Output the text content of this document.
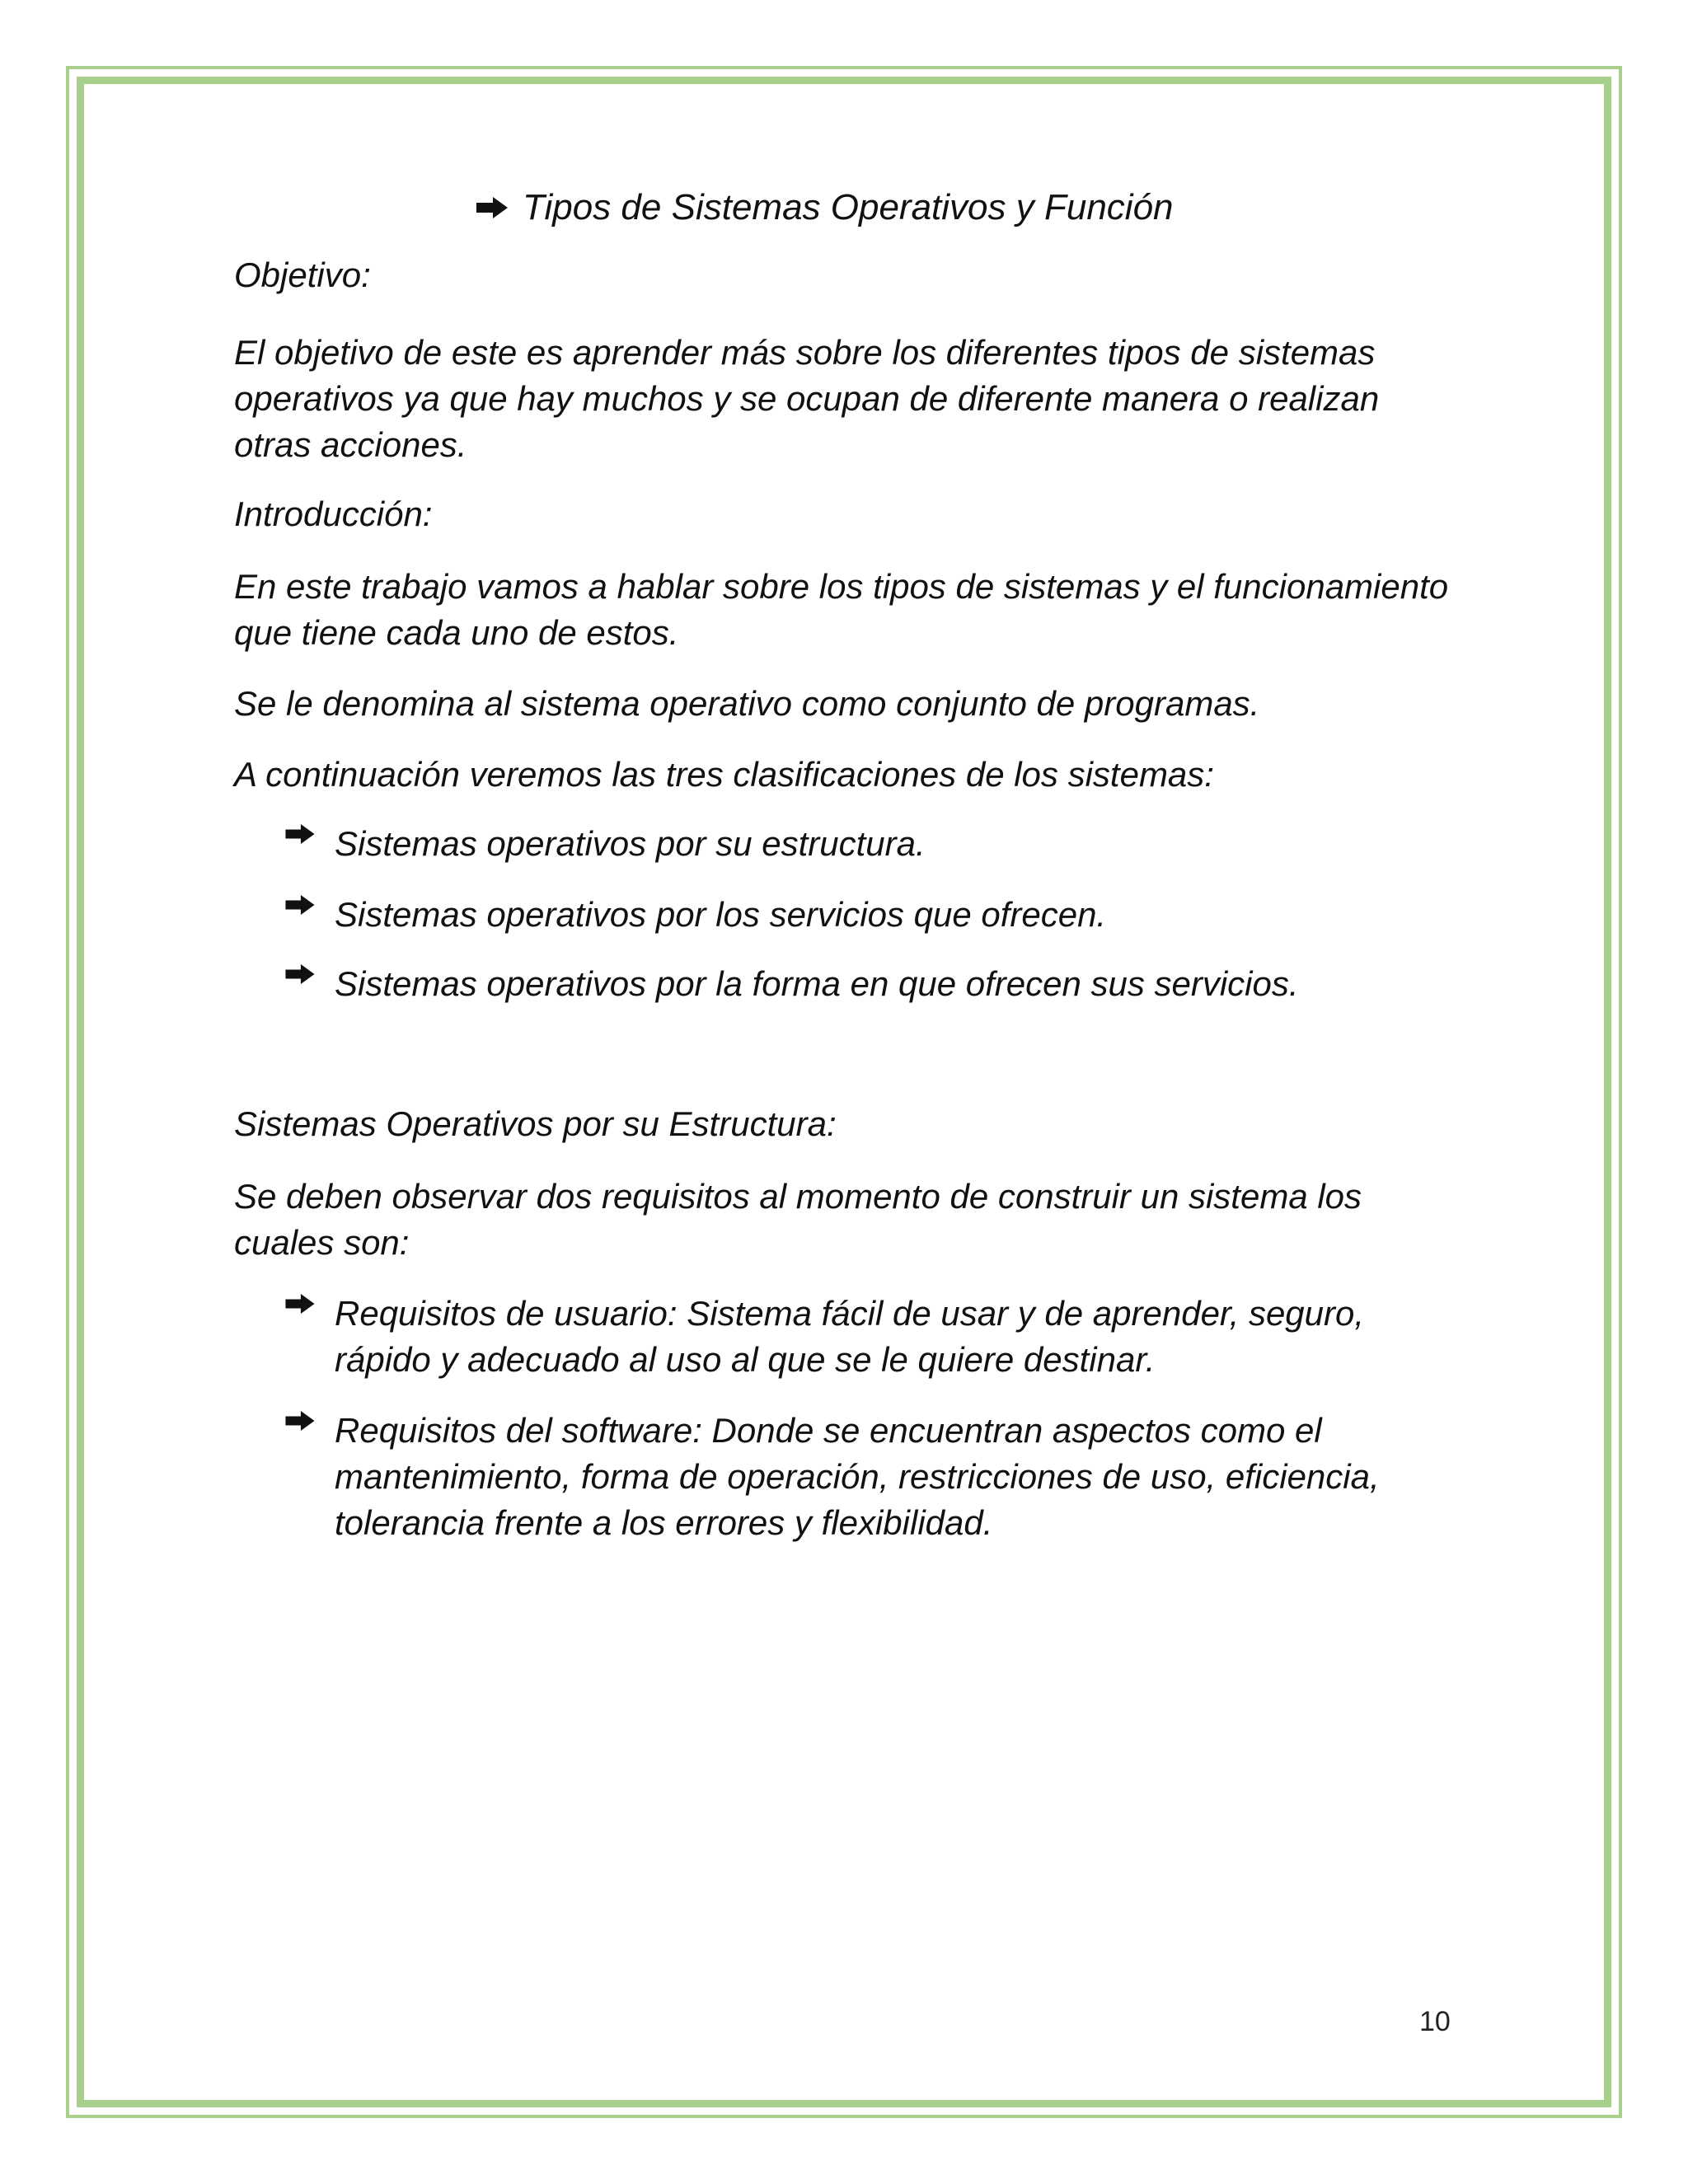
Tipos de Sistemas Operativos y Función

Objetivo:

El objetivo de este es aprender más sobre los diferentes tipos de sistemas operativos ya que hay muchos y se ocupan de diferente manera o realizan otras acciones.

Introducción:

En este trabajo vamos a hablar sobre los tipos de sistemas y el funcionamiento que tiene cada uno de estos.

Se le denomina al sistema operativo como conjunto de programas.

A continuación veremos las tres clasificaciones de los sistemas:

Sistemas operativos por su estructura.
Sistemas operativos por los servicios que ofrecen.
Sistemas operativos por la forma en que ofrecen sus servicios.

Sistemas Operativos por su Estructura:

Se deben observar dos requisitos al momento de construir un sistema los cuales son:

Requisitos de usuario: Sistema fácil de usar y de aprender, seguro, rápido y adecuado al uso al que se le quiere destinar.
Requisitos del software: Donde se encuentran aspectos como el mantenimiento, forma de operación, restricciones de uso, eficiencia, tolerancia frente a los errores y flexibilidad.
10
